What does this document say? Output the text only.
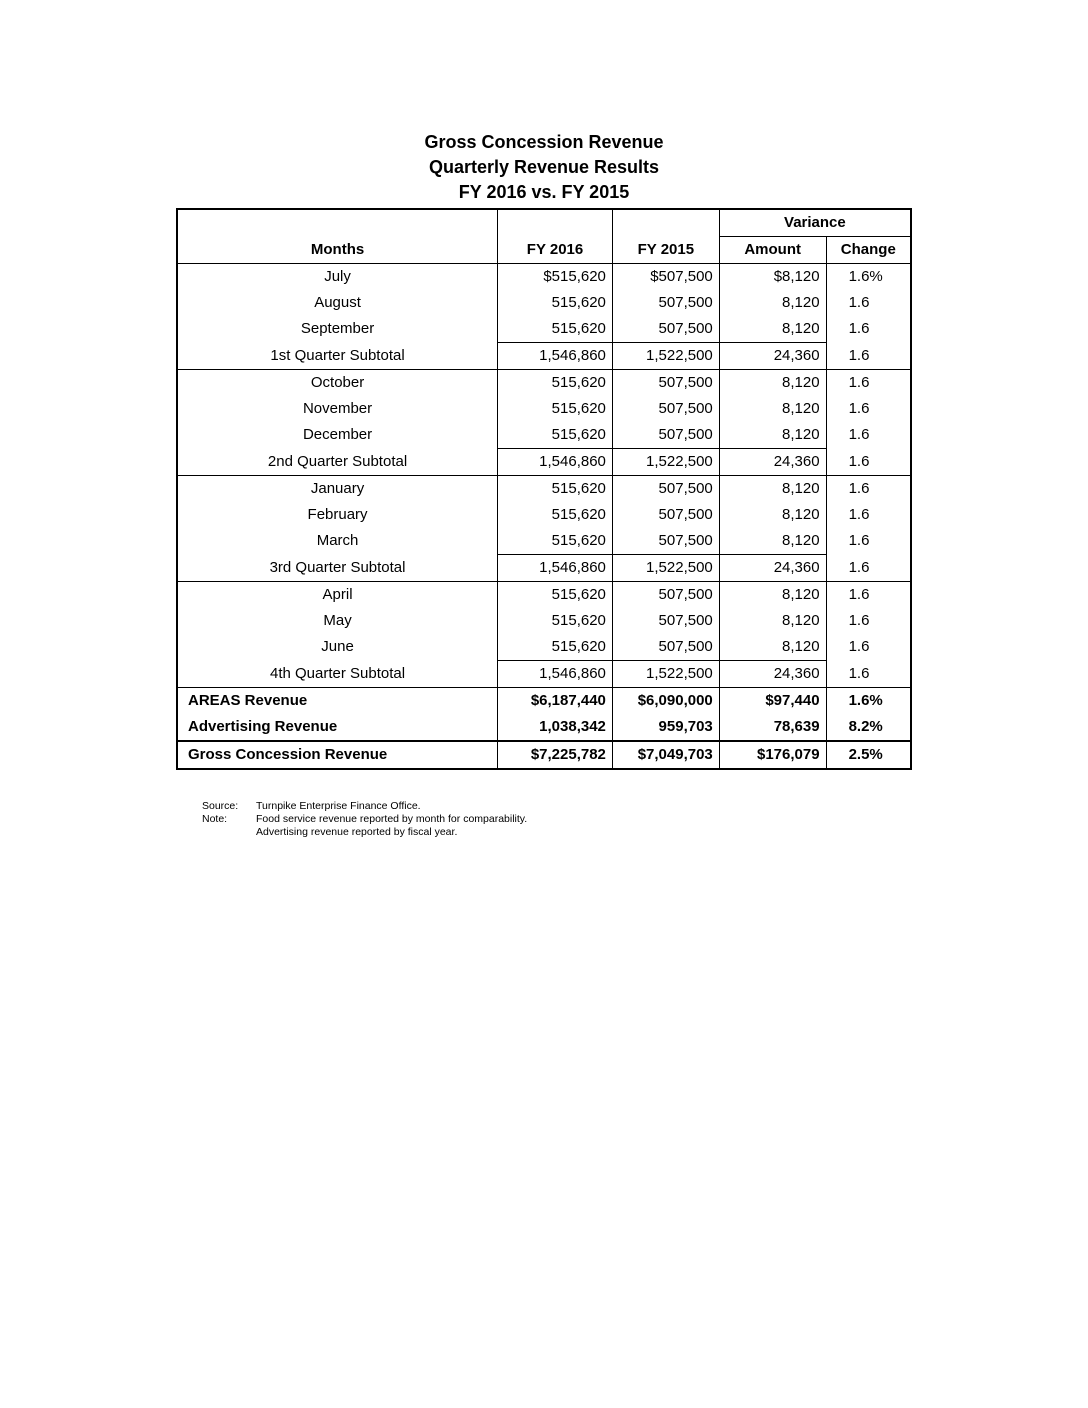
Gross Concession Revenue
Quarterly Revenue Results
FY 2016 vs. FY 2015
			Variance	
Months	FY 2016	FY 2015	Amount	Change
July	$515,620	$507,500	$8,120	1.6%
August	515,620	507,500	8,120	1.6
September	515,620	507,500	8,120	1.6
1st Quarter Subtotal	1,546,860	1,522,500	24,360	1.6
October	515,620	507,500	8,120	1.6
November	515,620	507,500	8,120	1.6
December	515,620	507,500	8,120	1.6
2nd Quarter Subtotal	1,546,860	1,522,500	24,360	1.6
January	515,620	507,500	8,120	1.6
February	515,620	507,500	8,120	1.6
March	515,620	507,500	8,120	1.6
3rd Quarter Subtotal	1,546,860	1,522,500	24,360	1.6
April	515,620	507,500	8,120	1.6
May	515,620	507,500	8,120	1.6
June	515,620	507,500	8,120	1.6
4th Quarter Subtotal	1,546,860	1,522,500	24,360	1.6
AREAS Revenue	$6,187,440	$6,090,000	$97,440	1.6%
Advertising Revenue	1,038,342	959,703	78,639	8.2%
Gross Concession Revenue	$7,225,782	$7,049,703	$176,079	2.5%
Source:	Turnpike Enterprise Finance Office.
Note:	Food service revenue reported by month for comparability.
Advertising revenue reported by fiscal year.
